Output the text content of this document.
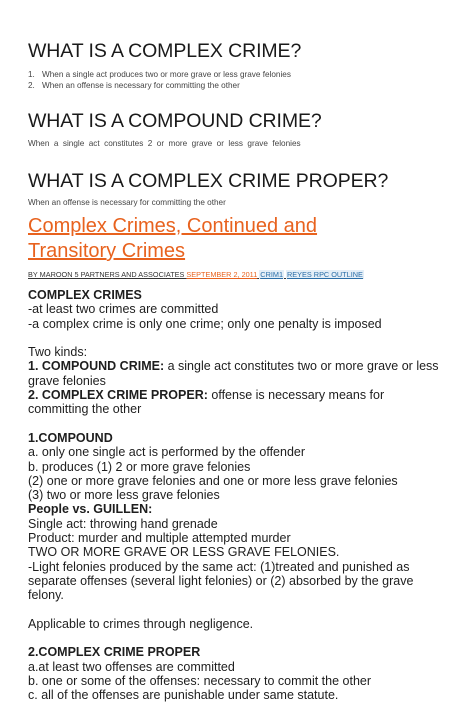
WHAT IS A COMPLEX CRIME?
1. When a single act produces two or more grave or less grave felonies
2. When an offense is necessary for committing the other
WHAT IS A COMPOUND CRIME?
When a single act constitutes 2 or more grave or less grave felonies
WHAT IS A COMPLEX CRIME PROPER?
When an offense is necessary for committing the other
Complex Crimes, Continued and
Transitory Crimes
BY MAROON 5 PARTNERS AND ASSOCIATES SEPTEMBER 2, 2011 CRIM1 REYES RPC OUTLINE
COMPLEX CRIMES
-at least two crimes are committed
-a complex crime is only one crime; only one penalty is imposed
Two kinds:
1. COMPOUND CRIME: a single act constitutes two or more grave or less
grave felonies
2. COMPLEX CRIME PROPER: offense is necessary means for
committing the other
1.COMPOUND
a. only one single act is performed by the offender
b. produces (1) 2 or more grave felonies
(2) one or more grave felonies and one or more less grave felonies
(3) two or more less grave felonies
People vs. GUILLEN:
Single act: throwing hand grenade
Product: murder and multiple attempted murder
TWO OR MORE GRAVE OR LESS GRAVE FELONIES.
-Light felonies produced by the same act: (1)treated and punished as
separate offenses (several light felonies) or (2) absorbed by the grave
felony.
Applicable to crimes through negligence.
2.COMPLEX CRIME PROPER
a.at least two offenses are committed
b. one or some of the offenses: necessary to commit the other
c. all of the offenses are punishable under same statute.
